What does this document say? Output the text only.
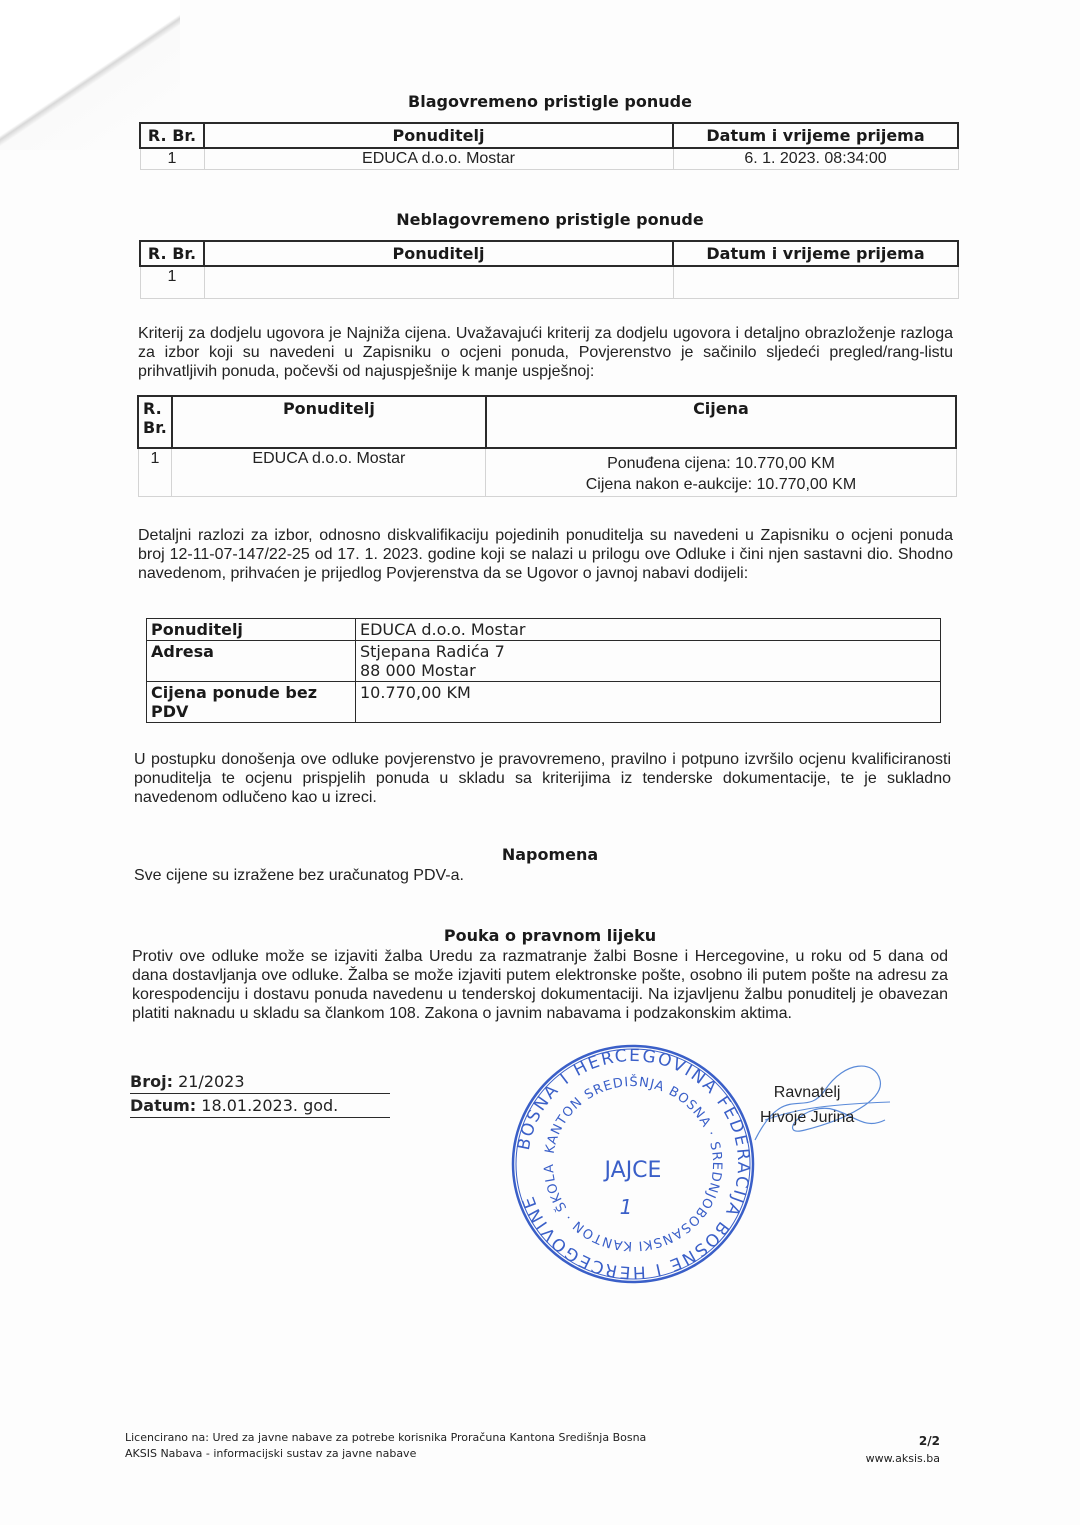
Blagovremeno pristigle ponude
R. Br.	Ponuditelj	Datum i vrijeme prijema
1	EDUCA d.o.o. Mostar	6. 1. 2023. 08:34:00
Neblagovremeno pristigle ponude
R. Br.	Ponuditelj	Datum i vrijeme prijema
1		
Kriterij za dodjelu ugovora je Najniža cijena. Uvažavajući kriterij za dodjelu ugovora i detaljno obrazloženje razloga za izbor koji su navedeni u Zapisniku o ocjeni ponuda, Povjerenstvo je sačinilo sljedeći pregled/rang-listu prihvatljivih ponuda, počevši od najuspješnije k manje uspješnoj:
R. Br.	Ponuditelj	Cijena
1	EDUCA d.o.o. Mostar	Ponuđena cijena: 10.770,00 KM
Cijena nakon e-aukcije: 10.770,00 KM
Detaljni razlozi za izbor, odnosno diskvalifikaciju pojedinih ponuditelja su navedeni u Zapisniku o ocjeni ponuda broj 12-11-07-147/22-25 od 17. 1. 2023. godine koji se nalazi u prilogu ove Odluke i čini njen sastavni dio. Shodno navedenom, prihvaćen je prijedlog Povjerenstva da se Ugovor o javnoj nabavi dodijeli:
Ponuditelj	EDUCA d.o.o. Mostar
Adresa	Stjepana Radića 7
88 000 Mostar

Cijena ponude bez PDV	10.770,00 KM
U postupku donošenja ove odluke povjerenstvo je pravovremeno, pravilno i potpuno izvršilo ocjenu kvalificiranosti ponuditelja te ocjenu prispjelih ponuda u skladu sa kriterijima iz tenderske dokumentacije, te je sukladno navedenom odlučeno kao u izreci.
Napomena
Sve cijene su izražene bez uračunatog PDV-a.
Pouka o pravnom lijeku
Protiv ove odluke može se izjaviti žalba Uredu za razmatranje žalbi Bosne i Hercegovine, u roku od 5 dana od dana dostavljanja ove odluke. Žalba se može izjaviti putem elektronske pošte, osobno ili putem pošte na adresu za korespodenciju i dostavu ponuda navedenu u tenderskoj dokumentaciji. Na izjavljenu žalbu ponuditelj je obavezan platiti naknadu u skladu sa člankom 108. Zakona o javnim nabavama i podzakonskim aktima.
Broj: 21/2023
Datum: 18.01.2023. god.
BOSNA I HERCEGOVINA FEDERACIJA BOSNE I HERCEGOVINE
KANTON SREDIŠNJA BOSNA · SREDNJOBOSANSKI KANTON · ŠKOLA	JAJCE
1
Ravnatelj
Hrvoje Jurina
Licencirano na: Ured za javne nabave za potrebe korisnika Proračuna Kantona Središnja Bosna
AKSIS Nabava - informacijski sustav za javne nabave
2/2
www.aksis.ba
